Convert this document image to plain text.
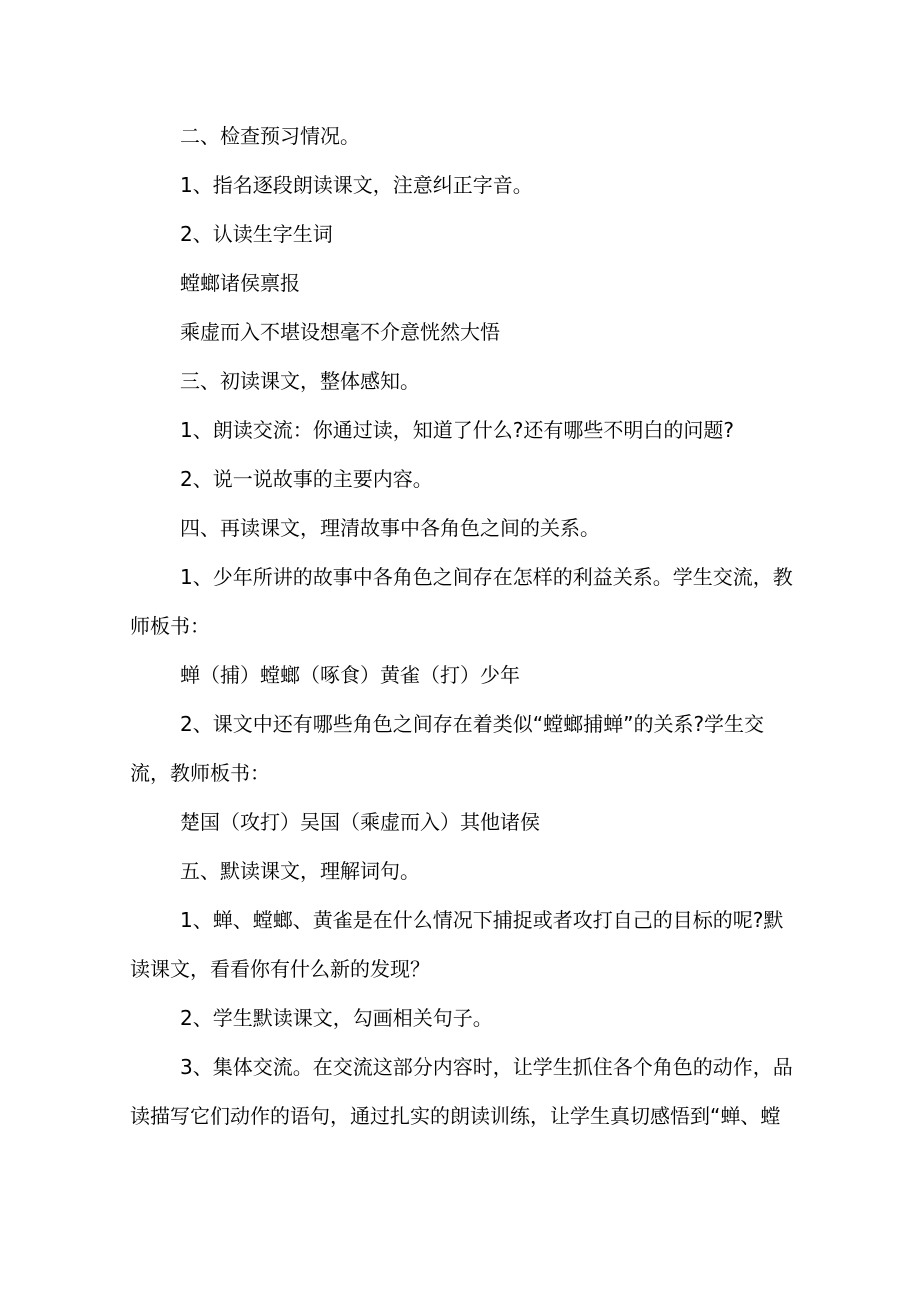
二、检查预习情况。

1、指名逐段朗读课文，注意纠正字音。

2、认读生字生词

螳螂诸侯禀报

乘虚而入不堪设想毫不介意恍然大悟

三、初读课文，整体感知。

1、朗读交流：你通过读，知道了什么?还有哪些不明白的问题?

2、说一说故事的主要内容。

四、再读课文，理清故事中各角色之间的关系。

1、少年所讲的故事中各角色之间存在怎样的利益关系。学生交流，教师板书：

蝉（捕）螳螂（啄食）黄雀（打）少年

2、课文中还有哪些角色之间存在着类似“螳螂捕蝉”的关系?学生交流，教师板书：

楚国（攻打）吴国（乘虚而入）其他诸侯

五、默读课文，理解词句。

1、蝉、螳螂、黄雀是在什么情况下捕捉或者攻打自己的目标的呢?默读课文，看看你有什么新的发现？

2、学生默读课文，勾画相关句子。

3、集体交流。在交流这部分内容时，让学生抓住各个角色的动作，品读描写它们动作的语句，通过扎实的朗读训练，让学生真切感悟到“蝉、螳
